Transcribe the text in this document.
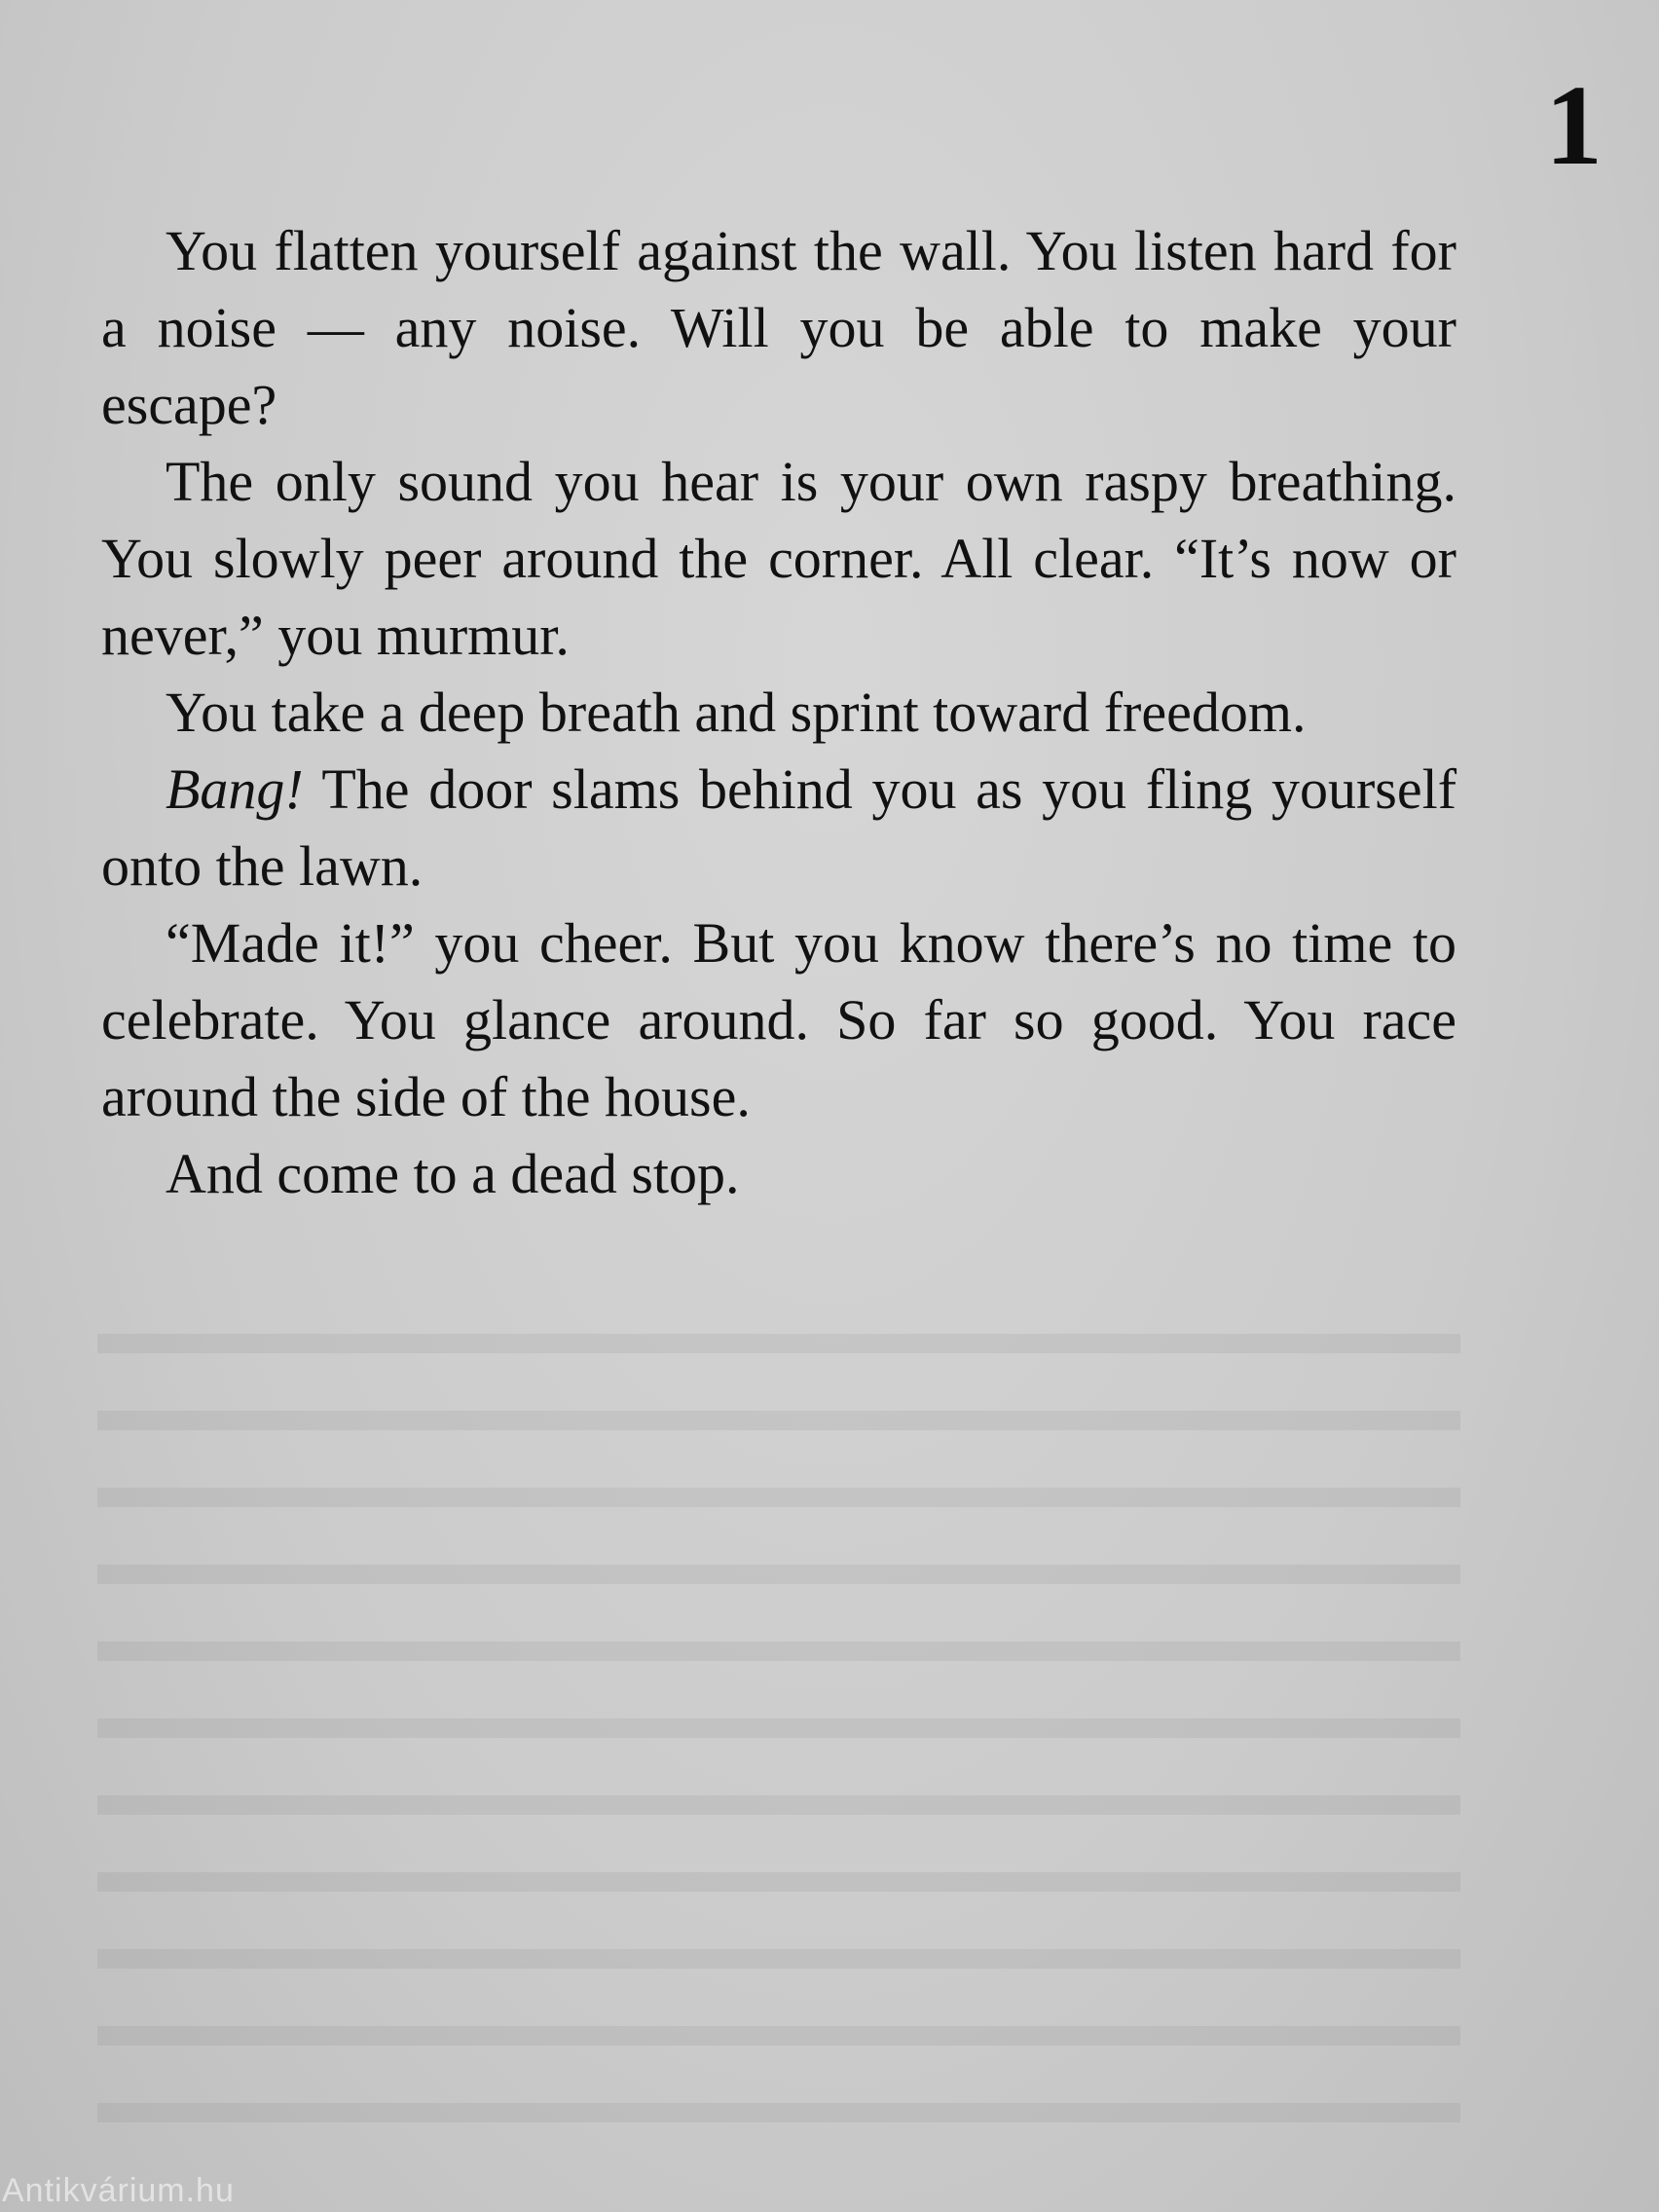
1

You flatten yourself against the wall. You listen hard for a noise — any noise. Will you be able to make your escape?

The only sound you hear is your own raspy breathing. You slowly peer around the corner. All clear. “It’s now or never,” you murmur.

You take a deep breath and sprint toward freedom.

Bang! The door slams behind you as you fling yourself onto the lawn.

“Made it!” you cheer. But you know there’s no time to celebrate. You glance around. So far so good. You race around the side of the house.

And come to a dead stop.

Antikvárium.hu
